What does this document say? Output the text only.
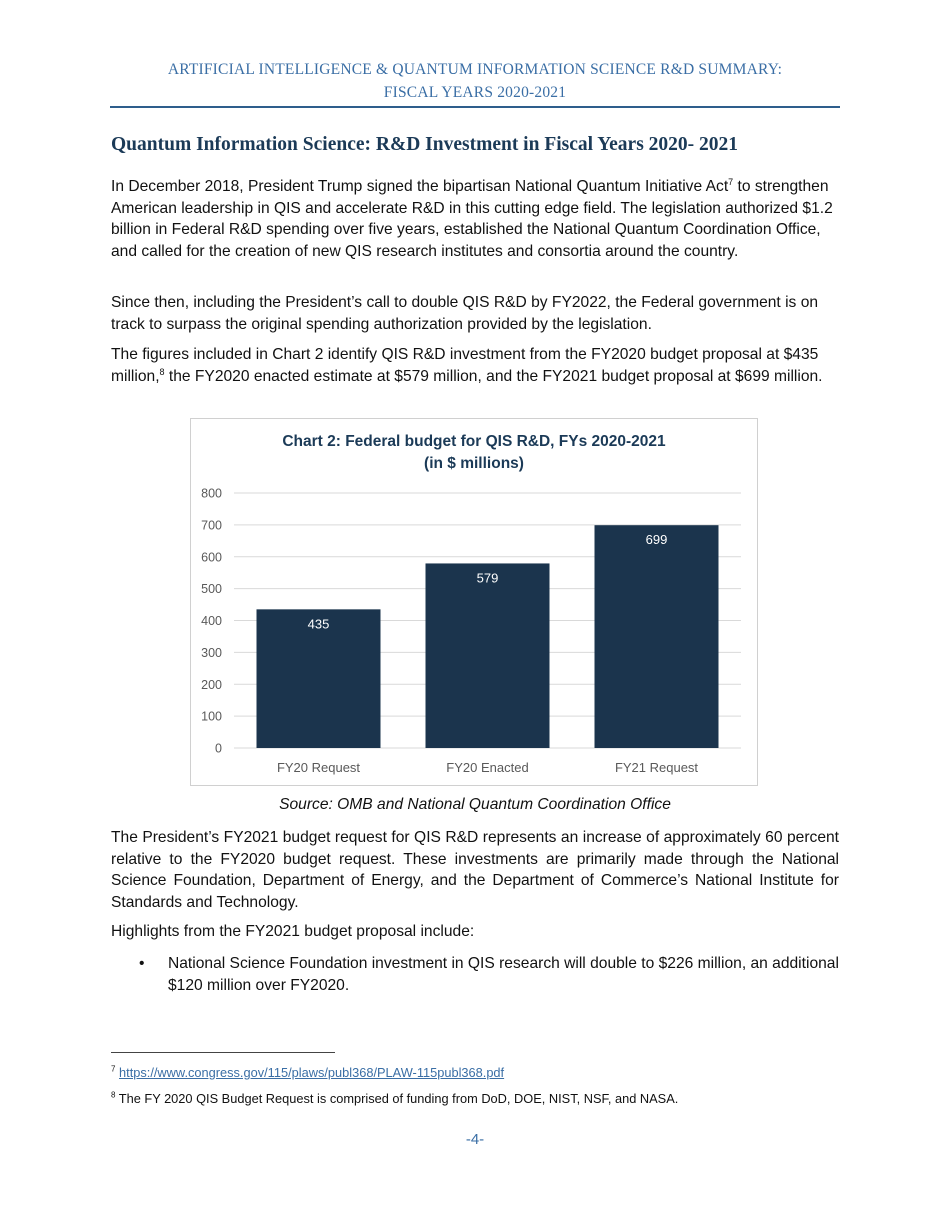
ARTIFICIAL INTELLIGENCE & QUANTUM INFORMATION SCIENCE R&D SUMMARY:
FISCAL YEARS 2020-2021
Quantum Information Science: R&D Investment in Fiscal Years 2020- 2021

In December 2018, President Trump signed the bipartisan National Quantum Initiative Act$^7$ to strengthen American leadership in QIS and accelerate R&D in this cutting edge field. The legislation authorized $1.2 billion in Federal R&D spending over five years, established the National Quantum Coordination Office, and called for the creation of new QIS research institutes and consortia around the country.

Since then, including the President’s call to double QIS R&D by FY2022, the Federal government is on track to surpass the original spending authorization provided by the legislation.

The figures included in Chart 2 identify QIS R&D investment from the FY2020 budget proposal at $435 million,$^8$ the FY2020 enacted estimate at $579 million, and the FY2021 budget proposal at $699 million.

Chart 2: Federal budget for QIS R&D, FYs 2020-2021
(in $ millions)
0
100
200
300
400
500
600
700
800
435
FY20 Request
579
FY20 Enacted
699
FY21 Request
Source: OMB and National Quantum Coordination Office

The President’s FY2021 budget request for QIS R&D represents an increase of approximately 60 percent relative to the FY2020 budget request. These investments are primarily made through the National Science Foundation, Department of Energy, and the Department of Commerce’s National Institute for Standards and Technology.

Highlights from the FY2021 budget proposal include:

• National Science Foundation investment in QIS research will double to $226 million, an additional $120 million over FY2020.
$^7$ https://www.congress.gov/115/plaws/publ368/PLAW-115publ368.pdf
$^8$ The FY 2020 QIS Budget Request is comprised of funding from DoD, DOE, NIST, NSF, and NASA.
-4-
